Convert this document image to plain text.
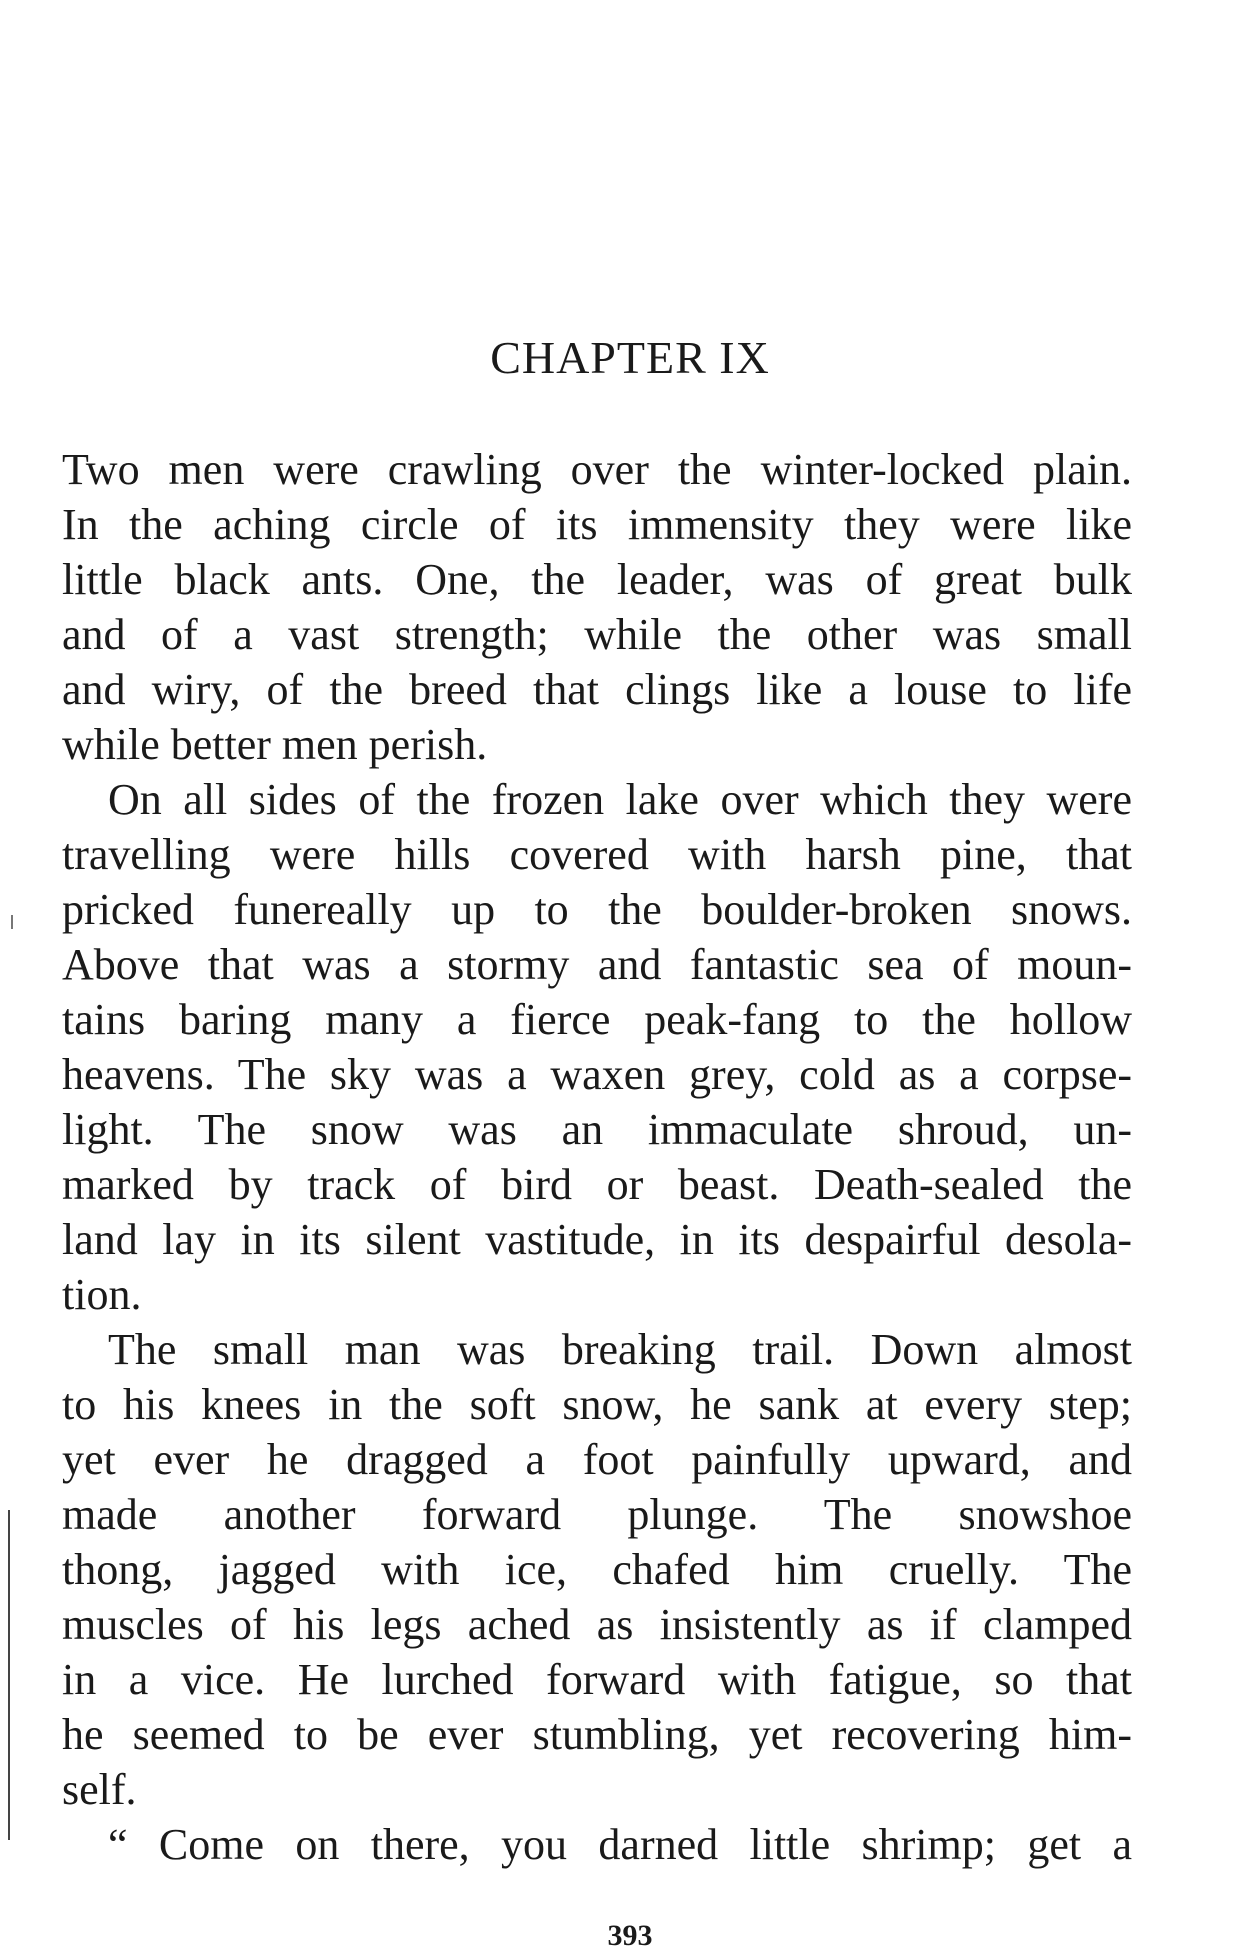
CHAPTER IX
Two men were crawling over the winter-locked plain.
In the aching circle of its immensity they were like
little black ants. One, the leader, was of great bulk
and of a vast strength; while the other was small
and wiry, of the breed that clings like a louse to life
while better men perish.
On all sides of the frozen lake over which they were
travelling were hills covered with harsh pine, that
pricked funereally up to the boulder-broken snows.
Above that was a stormy and fantastic sea of moun-
tains baring many a fierce peak-fang to the hollow
heavens. The sky was a waxen grey, cold as a corpse-
light. The snow was an immaculate shroud, un-
marked by track of bird or beast. Death-sealed the
land lay in its silent vastitude, in its despairful desola-
tion.
The small man was breaking trail. Down almost
to his knees in the soft snow, he sank at every step;
yet ever he dragged a foot painfully upward, and
made another forward plunge. The snowshoe
thong, jagged with ice, chafed him cruelly. The
muscles of his legs ached as insistently as if clamped
in a vice. He lurched forward with fatigue, so that
he seemed to be ever stumbling, yet recovering him-
self.
“ Come on there, you darned little shrimp; get a
393
